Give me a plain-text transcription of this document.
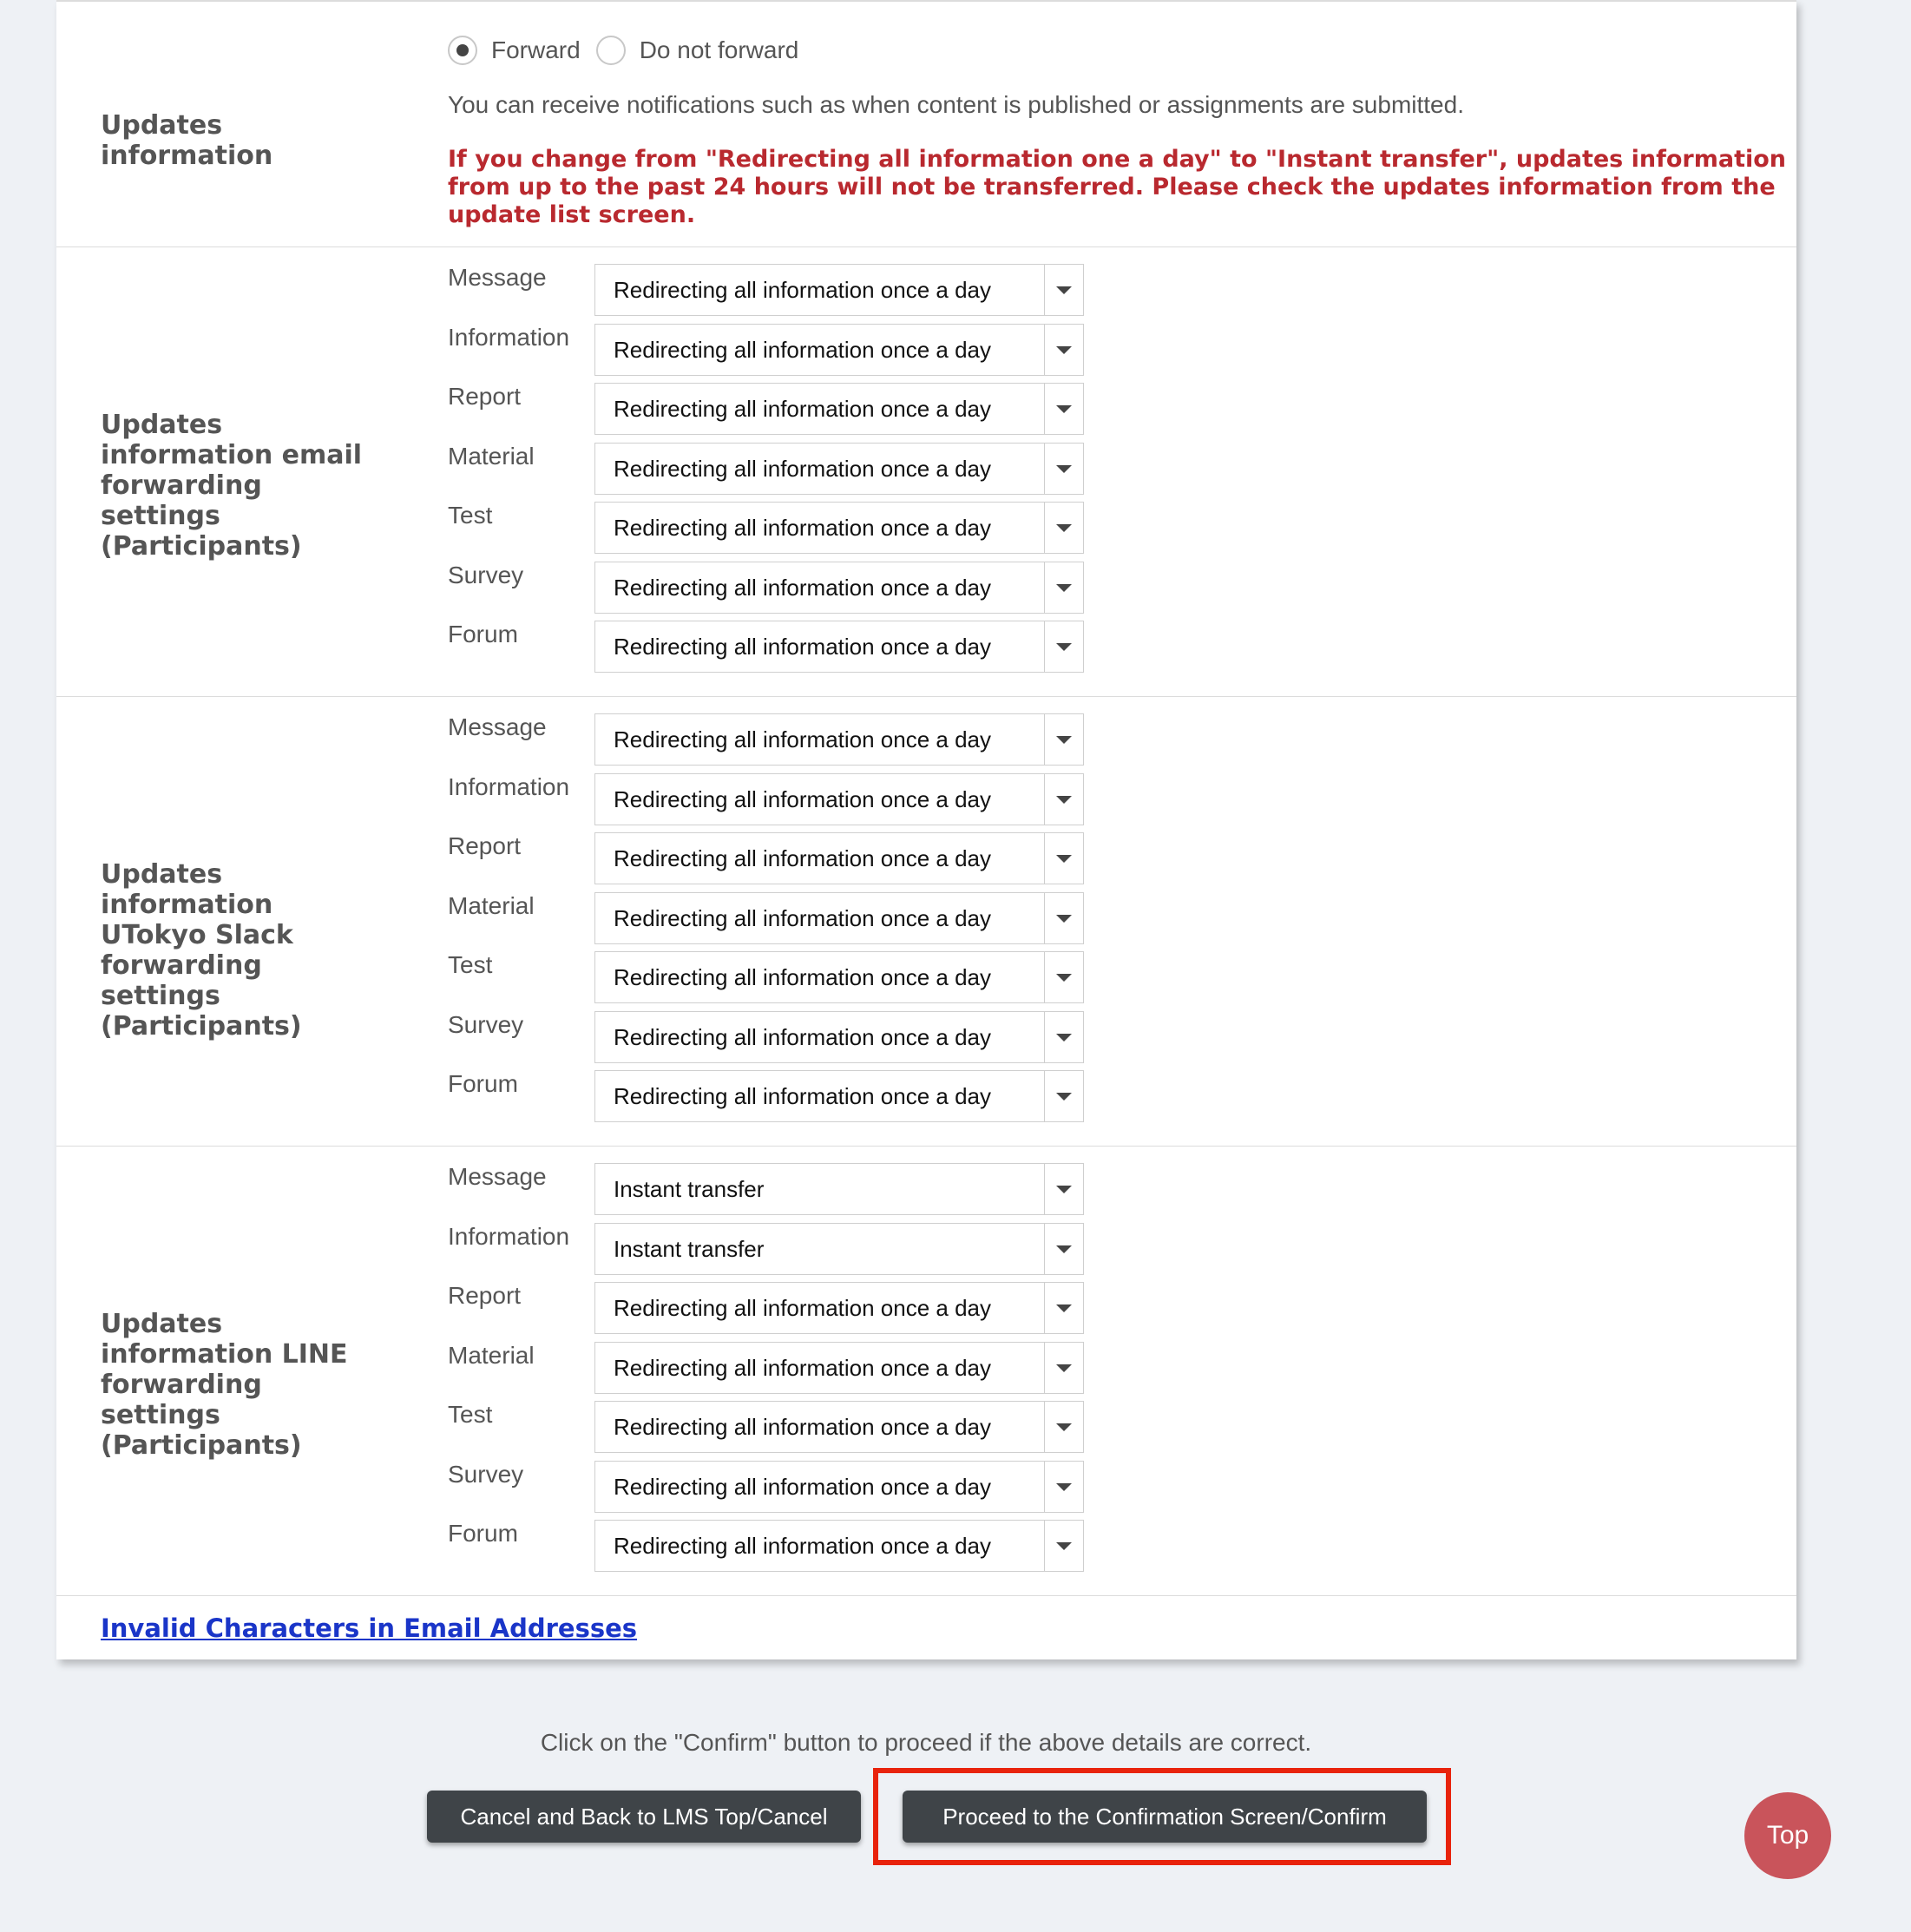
Updates information
Forward Do not forward
You can receive notifications such as when content is published or assignments are submitted.
If you change from "Redirecting all information one a day" to "Instant transfer", updates information from up to the past 24 hours will not be transferred. Please check the updates information from the update list screen.
Updates information email forwarding settings (Participants)
Message	Redirecting all information once a day
Information Redirecting all information once a day
Report	Redirecting all information once a day
Material	Redirecting all information once a day
Test	Redirecting all information once a day
Survey	Redirecting all information once a day
Forum	Redirecting all information once a day
Updates information UTokyo Slack forwarding settings (Participants)
Message	Redirecting all information once a day
Information Redirecting all information once a day
Report	Redirecting all information once a day
Material	Redirecting all information once a day
Test	Redirecting all information once a day
Survey	Redirecting all information once a day
Forum	Redirecting all information once a day
Updates information LINE forwarding settings (Participants)
Message	Instant transfer
Information Instant transfer
Report	Redirecting all information once a day
Material	Redirecting all information once a day
Test	Redirecting all information once a day
Survey	Redirecting all information once a day
Forum	Redirecting all information once a day
Invalid Characters in Email Addresses
Click on the "Confirm" button to proceed if the above details are correct.
Cancel and Back to LMS Top/Cancel	Proceed to the Confirmation Screen/Confirm
Top
